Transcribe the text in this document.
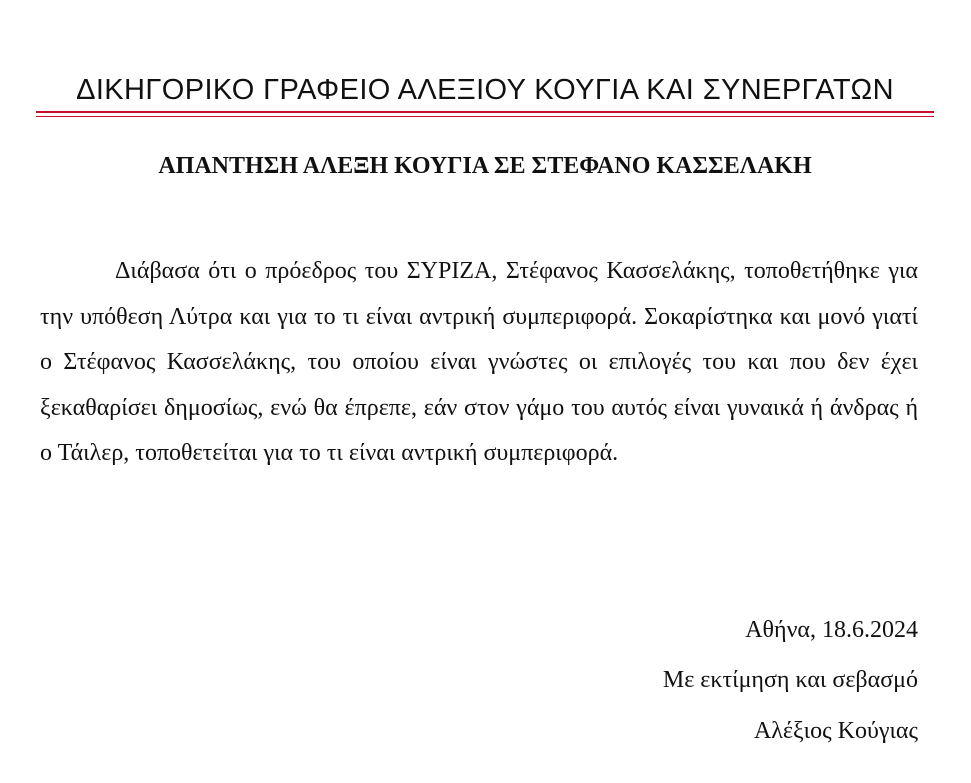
ΔΙΚΗΓΟΡΙΚΟ ΓΡΑΦΕΙΟ ΑΛΕΞΙΟΥ ΚΟΥΓΙΑ ΚΑΙ ΣΥΝΕΡΓΑΤΩΝ
ΑΠΑΝΤΗΣΗ ΑΛΕΞΗ ΚΟΥΓΙΑ ΣΕ ΣΤΕΦΑΝΟ ΚΑΣΣΕΛΑΚΗ

Διάβασα ότι ο πρόεδρος του ΣΥΡΙΖΑ, Στέφανος Κασσελάκης, τοποθετήθηκε για την υπόθεση Λύτρα και για το τι είναι αντρική συμπεριφορά. Σοκαρίστηκα και μονό γιατί ο Στέφανος Κασσελάκης, του οποίου είναι γνώστες οι επιλογές του και που δεν έχει ξεκαθαρίσει δημοσίως, ενώ θα έπρεπε, εάν στον γάμο του αυτός είναι γυναικά ή άνδρας ή ο Τάιλερ, τοποθετείται για το τι είναι αντρική συμπεριφορά.

Αθήνα, 18.6.2024
Με εκτίμηση και σεβασμό
Αλέξιος Κούγιας
